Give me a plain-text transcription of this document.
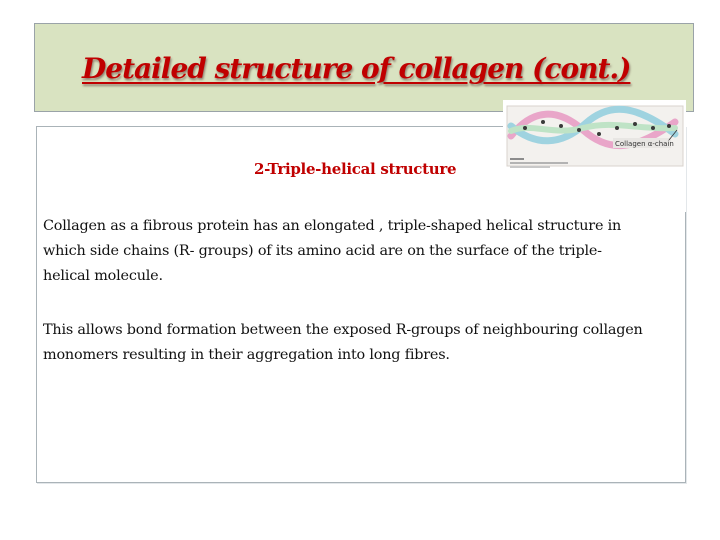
Detailed structure of collagen (cont.)
Collagen α-chain
2-Triple-helical structure
Collagen as a fibrous protein has an elongated , triple-shaped helical structure in which side chains (R- groups) of its amino acid are on the surface of the triple-helical molecule.
This allows bond formation between the exposed R-groups of neighbouring collagen monomers resulting in their aggregation into long fibres.
